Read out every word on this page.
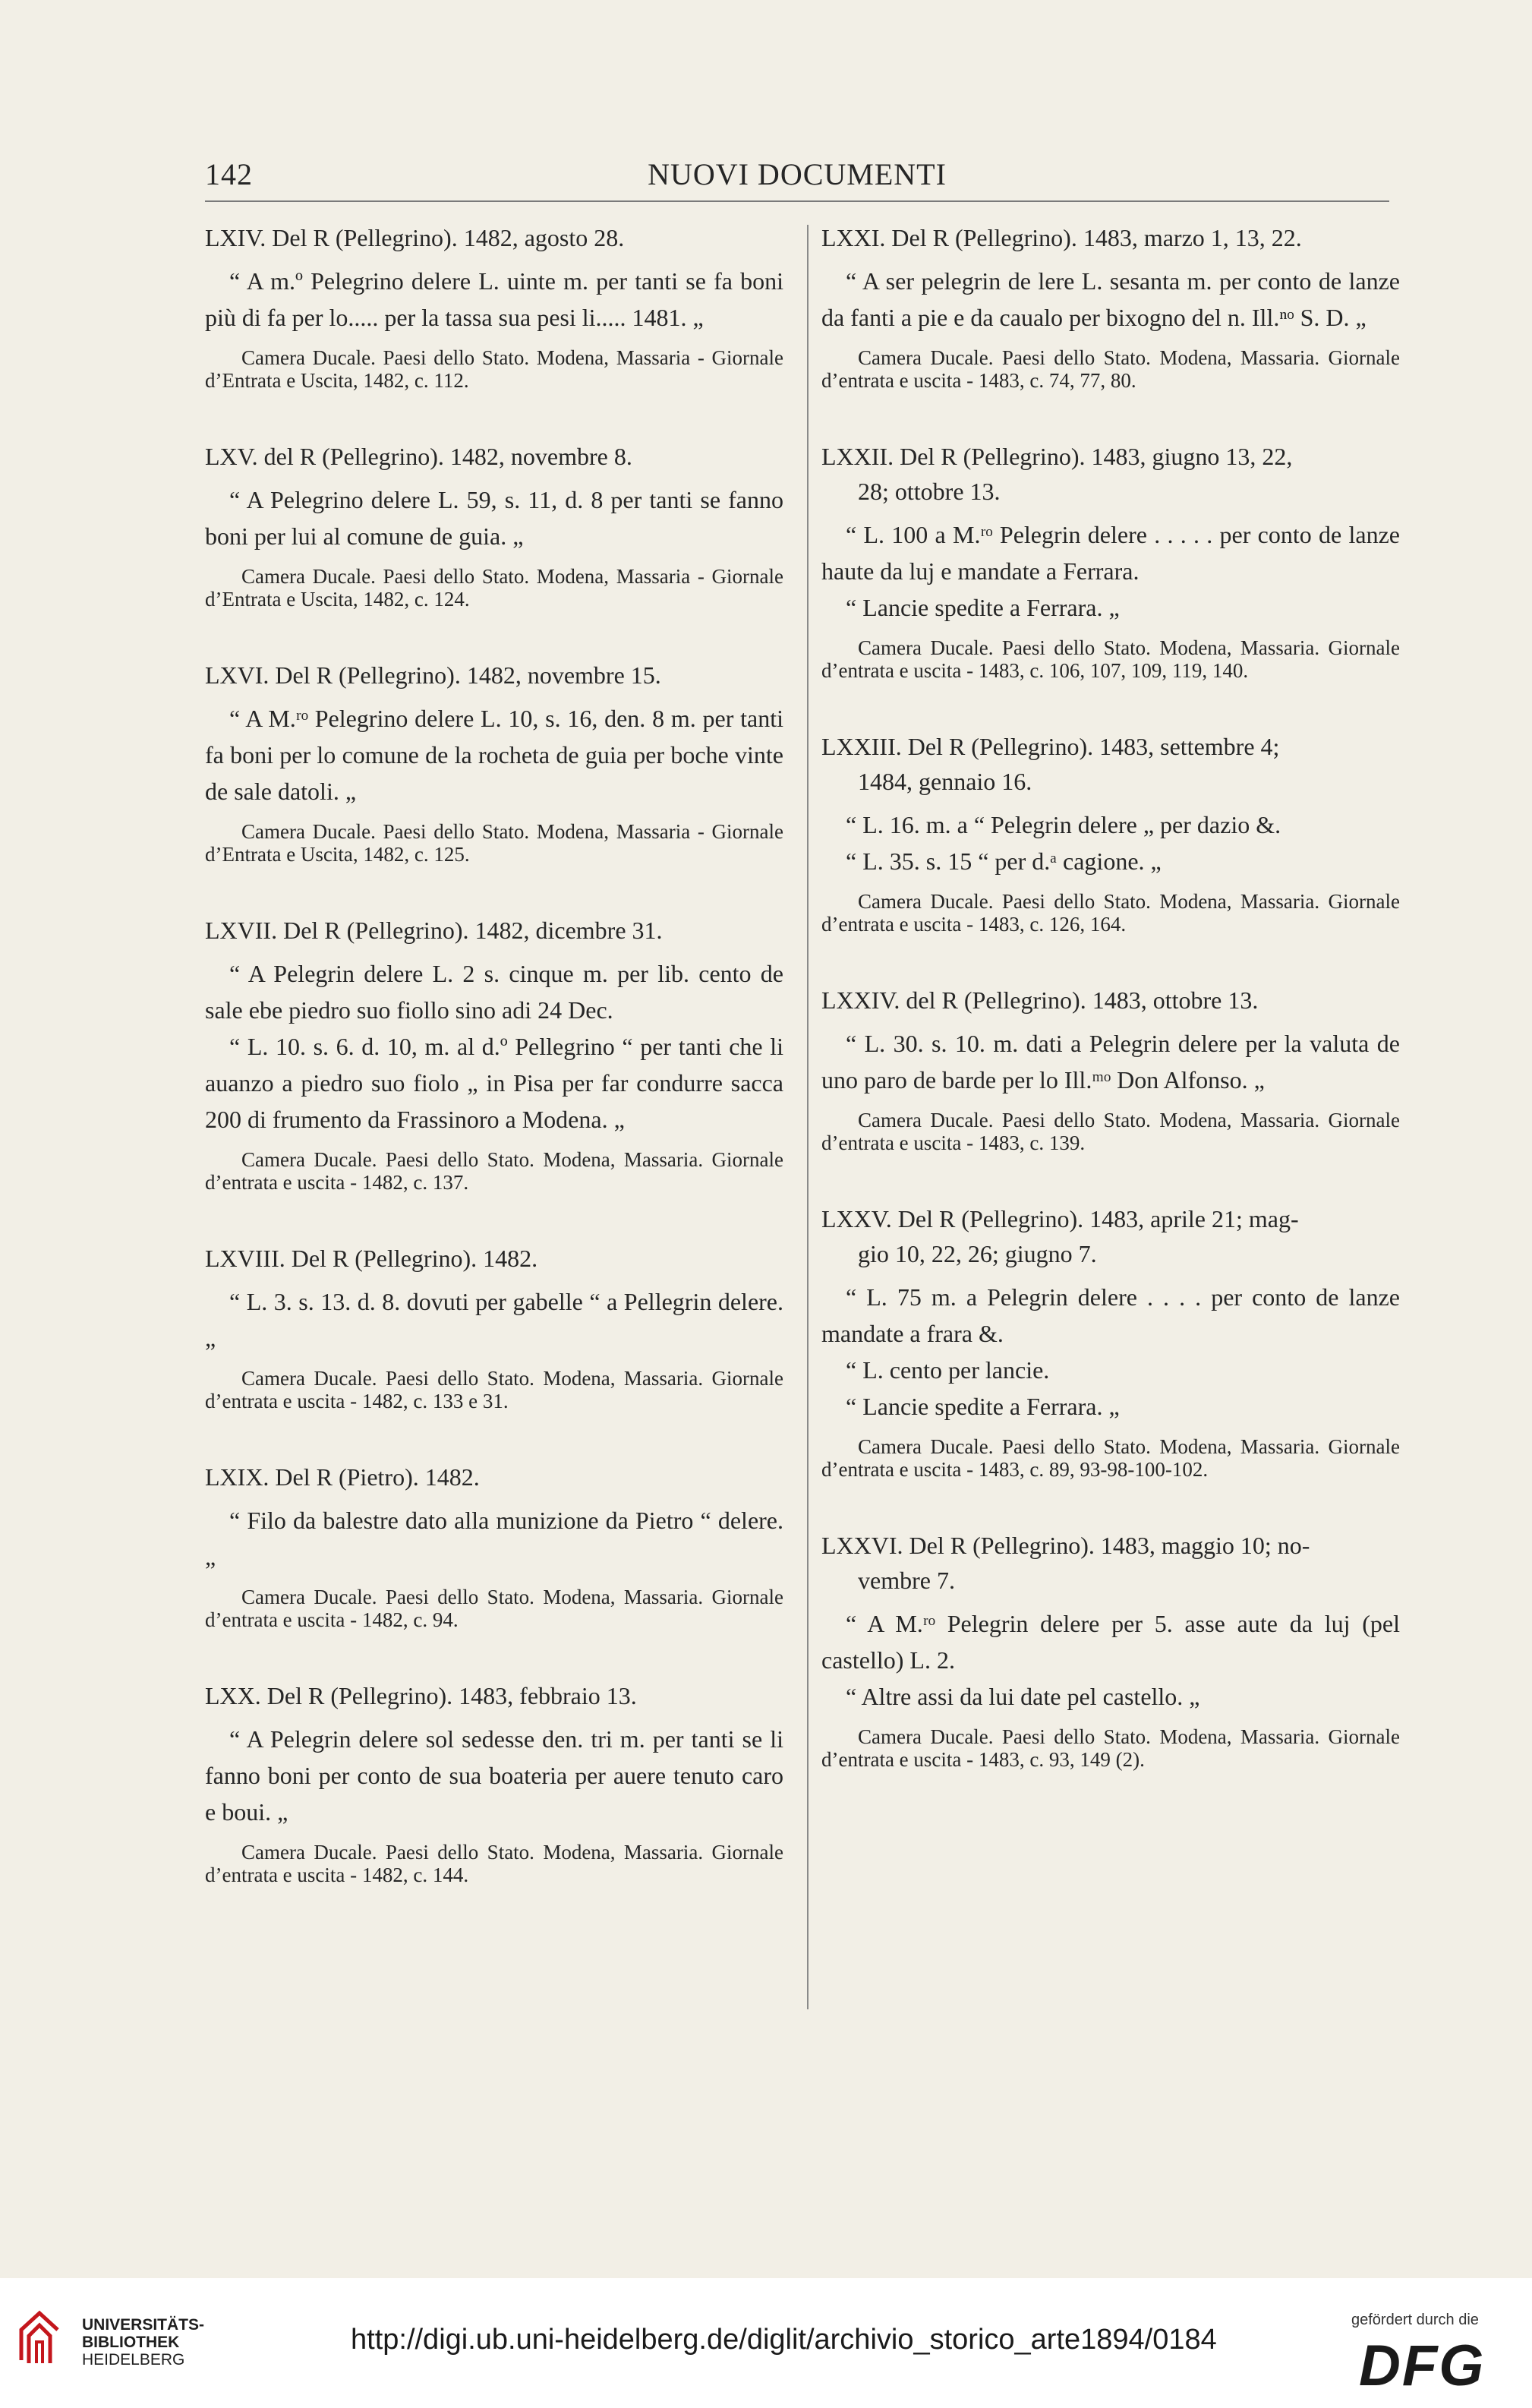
142	NUOVI DOCUMENTI

LXIV. Del R (Pellegrino). 1482, agosto 28.

“ A m.º Pelegrino delere L. uinte m. per tanti se fa boni più di fa per lo..... per la tassa sua pesi li..... 1481. „

Camera Ducale. Paesi dello Stato. Modena, Massaria - Giornale d’Entrata e Uscita, 1482, c. 112.

LXV. del R (Pellegrino). 1482, novembre 8.

“ A Pelegrino delere L. 59, s. 11, d. 8 per tanti se fanno boni per lui al comune de guia. „

Camera Ducale. Paesi dello Stato. Modena, Massaria - Giornale d’Entrata e Uscita, 1482, c. 124.

LXVI. Del R (Pellegrino). 1482, novembre 15.

“ A M.ʳᵒ Pelegrino delere L. 10, s. 16, den. 8 m. per tanti fa boni per lo comune de la rocheta de guia per boche vinte de sale datoli. „

Camera Ducale. Paesi dello Stato. Modena, Massaria - Giornale d’Entrata e Uscita, 1482, c. 125.

LXVII. Del R (Pellegrino). 1482, dicembre 31.

“ A Pelegrin delere L. 2 s. cinque m. per lib. cento de sale ebe piedro suo fiollo sino adi 24 Dec.

“ L. 10. s. 6. d. 10, m. al d.º Pellegrino “ per tanti che li auanzo a piedro suo fiolo „ in Pisa per far condurre sacca 200 di frumento da Frassinoro a Modena. „

Camera Ducale. Paesi dello Stato. Modena, Massaria. Giornale d’entrata e uscita - 1482, c. 137.

LXVIII. Del R (Pellegrino). 1482.

“ L. 3. s. 13. d. 8. dovuti per gabelle “ a Pellegrin delere.„

Camera Ducale. Paesi dello Stato. Modena, Massaria. Giornale d’entrata e uscita - 1482, c. 133 e 31.

LXIX. Del R (Pietro). 1482.

“ Filo da balestre dato alla munizione da Pietro “ delere. „

Camera Ducale. Paesi dello Stato. Modena, Massaria. Giornale d’entrata e uscita - 1482, c. 94.

LXX. Del R (Pellegrino). 1483, febbraio 13.

“ A Pelegrin delere sol sedesse den. tri m. per tanti se li fanno boni per conto de sua boateria per auere tenuto caro e boui. „

Camera Ducale. Paesi dello Stato. Modena, Massaria. Giornale d’entrata e uscita - 1482, c. 144.

LXXI. Del R (Pellegrino). 1483, marzo 1, 13, 22.

“ A ser pelegrin de lere L. sesanta m. per conto de lanze da fanti a pie e da caualo per bixogno del n. Ill.ⁿᵒ S. D. „

Camera Ducale. Paesi dello Stato. Modena, Massaria. Giornale d’entrata e uscita - 1483, c. 74, 77, 80.

LXXII. Del R (Pellegrino). 1483, giugno 13, 22,
28; ottobre 13.

“ L. 100 a M.ʳᵒ Pelegrin delere . . . . . per conto de lanze haute da luj e mandate a Ferrara.

“ Lancie spedite a Ferrara. „

Camera Ducale. Paesi dello Stato. Modena, Massaria. Giornale d’entrata e uscita - 1483, c. 106, 107, 109, 119, 140.

LXXIII. Del R (Pellegrino). 1483, settembre 4;
1484, gennaio 16.

“ L. 16. m. a “ Pelegrin delere „ per dazio &.

“ L. 35. s. 15 “ per d.ᵃ cagione. „

Camera Ducale. Paesi dello Stato. Modena, Massaria. Giornale d’entrata e uscita - 1483, c. 126, 164.

LXXIV. del R (Pellegrino). 1483, ottobre 13.

“ L. 30. s. 10. m. dati a Pelegrin delere per la valuta de uno paro de barde per lo Ill.ᵐᵒ Don Alfonso. „

Camera Ducale. Paesi dello Stato. Modena, Massaria. Giornale d’entrata e uscita - 1483, c. 139.

LXXV. Del R (Pellegrino). 1483, aprile 21; mag-
gio 10, 22, 26; giugno 7.

“ L. 75 m. a Pelegrin delere . . . . per conto de lanze mandate a frara &.

“ L. cento per lancie.

“ Lancie spedite a Ferrara. „

Camera Ducale. Paesi dello Stato. Modena, Massaria. Giornale d’entrata e uscita - 1483, c. 89, 93-98-100-102.

LXXVI. Del R (Pellegrino). 1483, maggio 10; no-
vembre 7.

“ A M.ʳᵒ Pelegrin delere per 5. asse aute da luj (pel castello) L. 2.

“ Altre assi da lui date pel castello. „

Camera Ducale. Paesi dello Stato. Modena, Massaria. Giornale d’entrata e uscita - 1483, c. 93, 149 (2).

UNIVERSITÄTS-
BIBLIOTHEK
HEIDELBERG
http://digi.ub.uni-heidelberg.de/diglit/archivio_storico_arte1894/0184
gefördert durch die
DFG
